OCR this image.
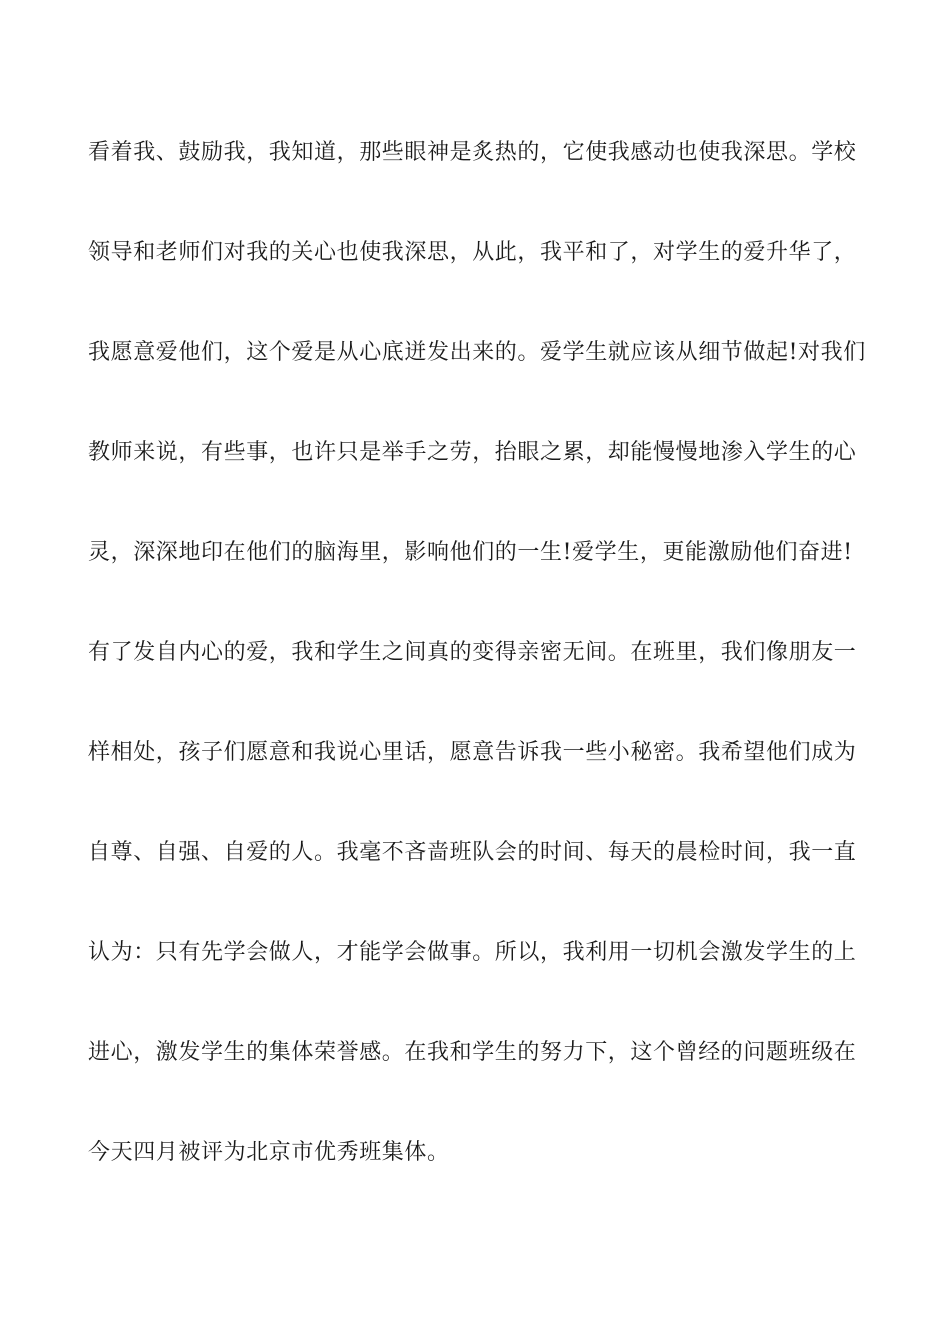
看着我、鼓励我，我知道，那些眼神是炙热的，它使我感动也使我深思。学校
领导和老师们对我的关心也使我深思，从此，我平和了，对学生的爱升华了，
我愿意爱他们，这个爱是从心底迸发出来的。爱学生就应该从细节做起!对我们
教师来说，有些事，也许只是举手之劳，抬眼之累，却能慢慢地渗入学生的心
灵，深深地印在他们的脑海里，影响他们的一生!爱学生，更能激励他们奋进!
有了发自内心的爱，我和学生之间真的变得亲密无间。在班里，我们像朋友一
样相处，孩子们愿意和我说心里话，愿意告诉我一些小秘密。我希望他们成为
自尊、自强、自爱的人。我毫不吝啬班队会的时间、每天的晨检时间，我一直
认为：只有先学会做人，才能学会做事。所以，我利用一切机会激发学生的上
进心，激发学生的集体荣誉感。在我和学生的努力下，这个曾经的问题班级在
今天四月被评为北京市优秀班集体。
